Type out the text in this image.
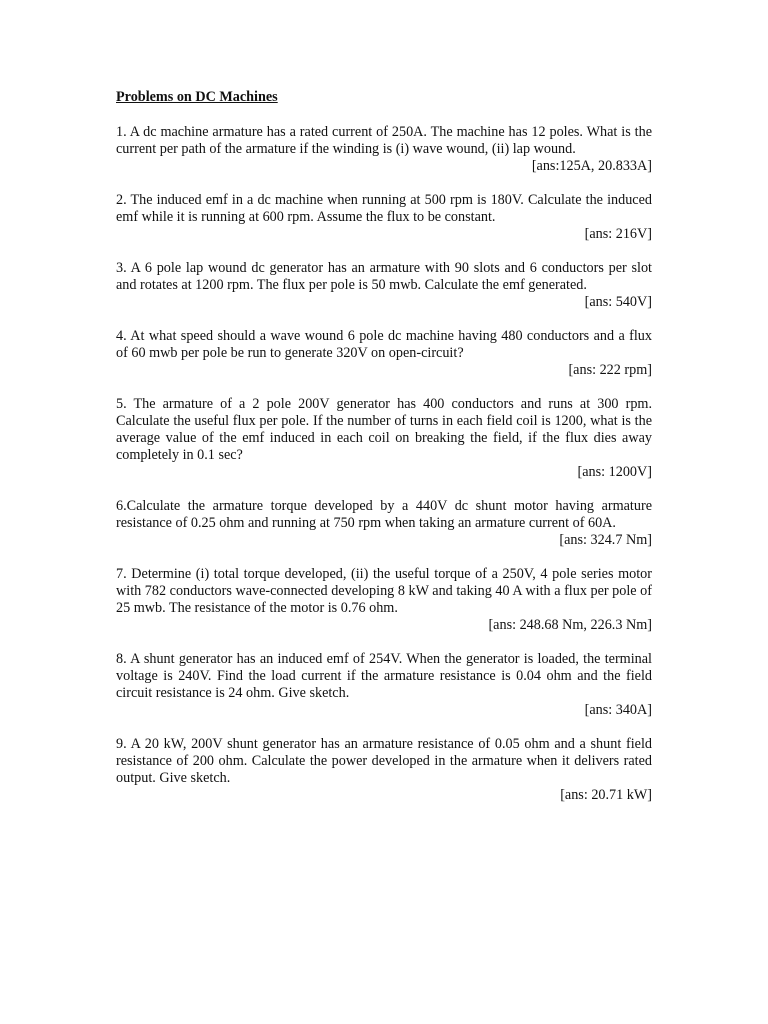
Problems on DC Machines

1. A dc machine armature has a rated current of 250A. The machine has 12 poles. What is the current per path of the armature if the winding is (i) wave wound, (ii) lap wound.

[ans:125A, 20.833A]

2. The induced emf in a dc machine when running at 500 rpm is 180V. Calculate the induced emf while it is running at 600 rpm. Assume the flux to be constant.

[ans: 216V]

3. A 6 pole lap wound dc generator has an armature with 90 slots and 6 conductors per slot and rotates at 1200 rpm. The flux per pole is 50 mwb. Calculate the emf generated.

[ans: 540V]

4. At what speed should a wave wound 6 pole dc machine having 480 conductors and a flux of 60 mwb per pole be run to generate 320V on open-circuit?

[ans: 222 rpm]

5. The armature of a 2 pole 200V generator has 400 conductors and runs at 300 rpm. Calculate the useful flux per pole. If the number of turns in each field coil is 1200, what is the average value of the emf induced in each coil on breaking the field, if the flux dies away completely in 0.1 sec?

[ans: 1200V]

6.Calculate the armature torque developed by a 440V dc shunt motor having armature resistance of 0.25 ohm and running at 750 rpm when taking an armature current of 60A.

[ans: 324.7 Nm]

7. Determine (i) total torque developed, (ii) the useful torque of a 250V, 4 pole series motor with 782 conductors wave-connected developing 8 kW and taking 40 A with a flux per pole of 25 mwb. The resistance of the motor is 0.76 ohm.

[ans: 248.68 Nm, 226.3 Nm]

8. A shunt generator has an induced emf of 254V. When the generator is loaded, the terminal voltage is 240V. Find the load current if the armature resistance is 0.04 ohm and the field circuit resistance is 24 ohm. Give sketch.

[ans: 340A]

9. A 20 kW, 200V shunt generator has an armature resistance of 0.05 ohm and a shunt field resistance of 200 ohm. Calculate the power developed in the armature when it delivers rated output. Give sketch.

[ans: 20.71 kW]
